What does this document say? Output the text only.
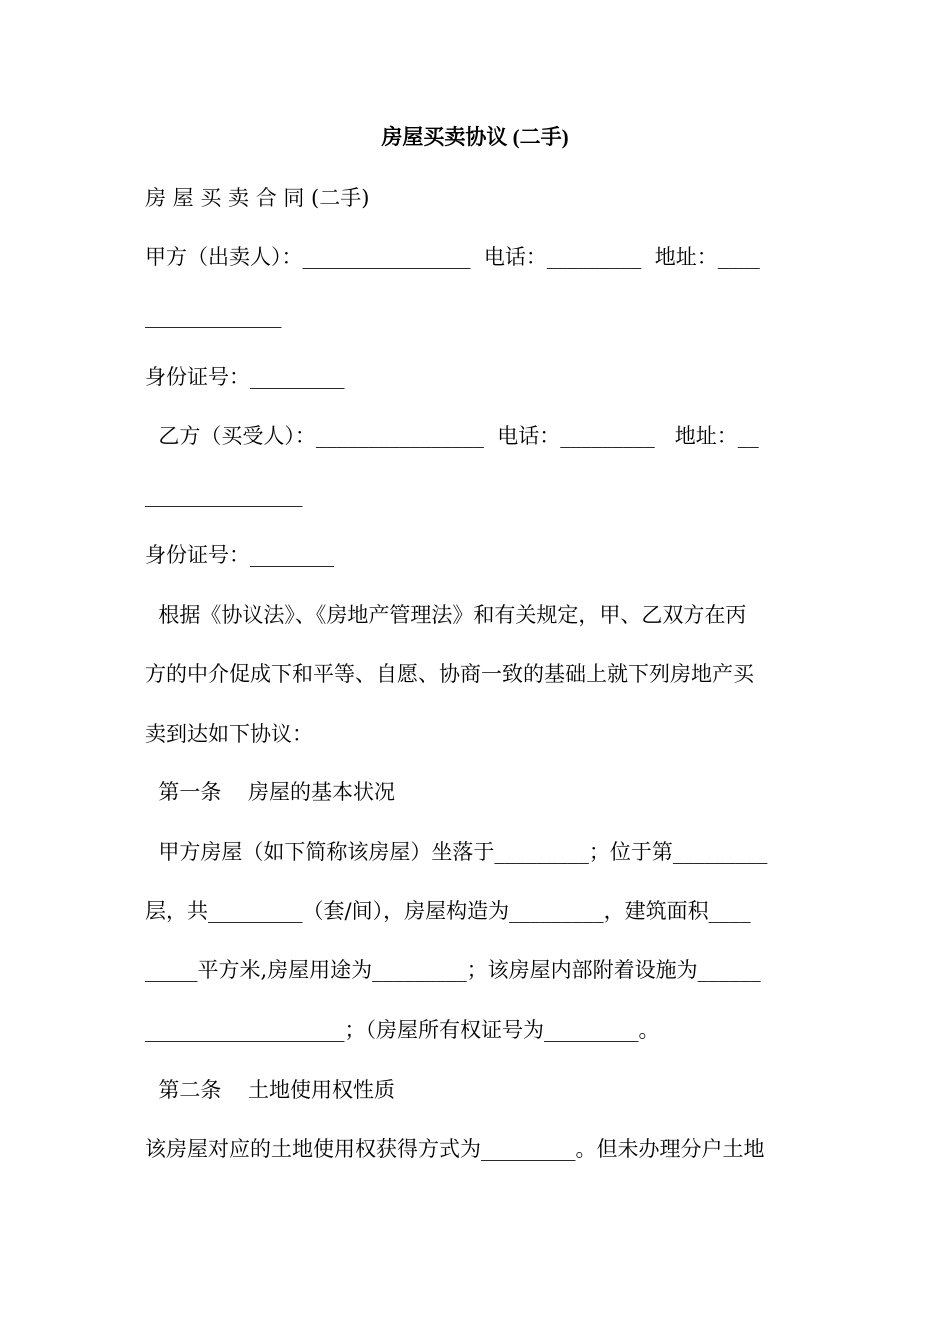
房屋买卖协议 (二手)
房 屋 买 卖 合 同 (二手)
甲方（出卖人）：________________  电话：_________  地址：____
_____________
身份证号：_________
乙方（买受人）：________________  电话：_________   地址：__
_______________
身份证号：________
根据《协议法》、《房地产管理法》和有关规定，甲、乙双方在丙
方的中介促成下和平等、自愿、协商一致的基础上就下列房地产买
卖到达如下协议：
第一条    房屋的基本状况
甲方房屋（如下简称该房屋）坐落于_________；位于第_________
层，共_________（套/间），房屋构造为_________，建筑面积____
_____平方米,房屋用途为_________；该房屋内部附着设施为______
___________________；（房屋所有权证号为_________。
第二条    土地使用权性质
该房屋对应的土地使用权获得方式为_________。但未办理分户土地
